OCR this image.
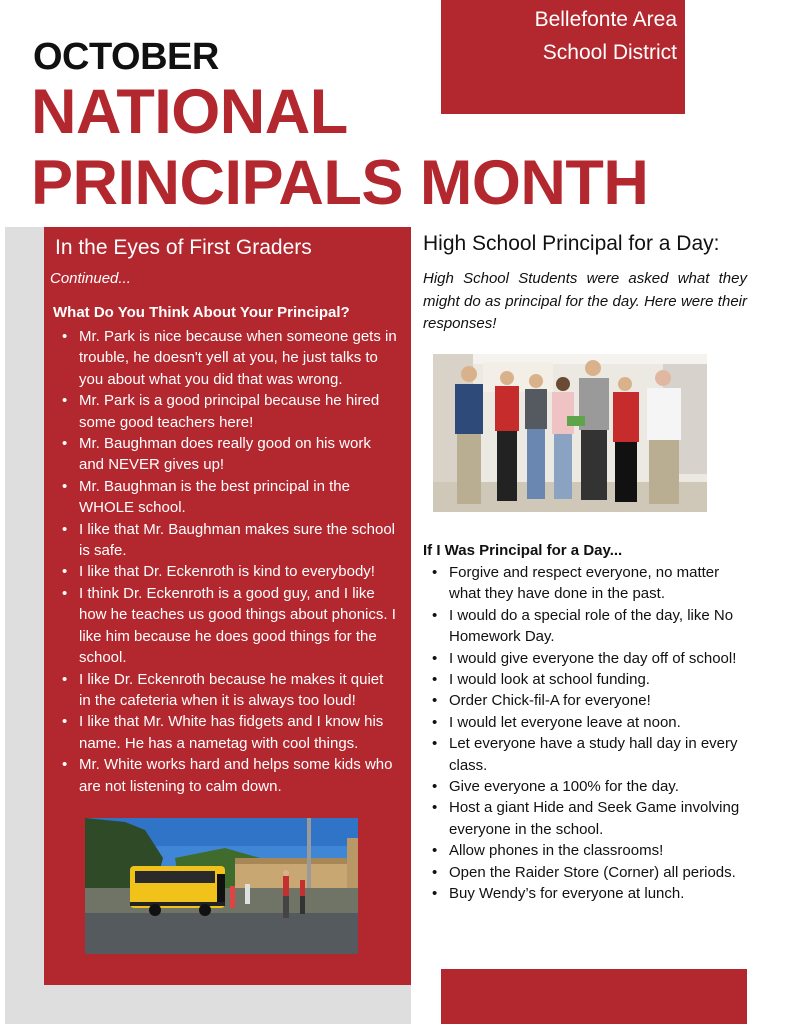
Bellefonte Area
School District
OCTOBER
NATIONAL
PRINCIPALS MONTH
In the Eyes of First Graders
Continued...
What Do You Think About Your Principal?
• Mr. Park is nice because when someone gets in trouble, he doesn't yell at you, he just talks to you about what you did that was wrong.
• Mr. Park is a good principal because he hired some good teachers here!
• Mr. Baughman does really good on his work and NEVER gives up!
• Mr. Baughman is the best principal in the WHOLE school.
• I like that Mr. Baughman makes sure the school is safe.
• I like that Dr. Eckenroth is kind to everybody!
• I think Dr. Eckenroth is a good guy, and I like how he teaches us good things about phonics. I like him because he does good things for the school.
• I like Dr. Eckenroth because he makes it quiet in the cafeteria when it is always too loud!
• I like that Mr. White has fidgets and I know his name. He has a nametag with cool things.
• Mr. White works hard and helps some kids who are not listening to calm down.
High School Principal for a Day:
High School Students were asked what they might do as principal for the day. Here were their responses!
If I Was Principal for a Day...
• Forgive and respect everyone, no matter what they have done in the past.
• I would do a special role of the day, like No Homework Day.
• I would give everyone the day off of school!
• I would look at school funding.
• Order Chick-fil-A for everyone!
• I would let everyone leave at noon.
• Let everyone have a study hall day in every class.
• Give everyone a 100% for the day.
• Host a giant Hide and Seek Game involving everyone in the school.
• Allow phones in the classrooms!
• Open the Raider Store (Corner) all periods.
• Buy Wendy’s for everyone at lunch.
